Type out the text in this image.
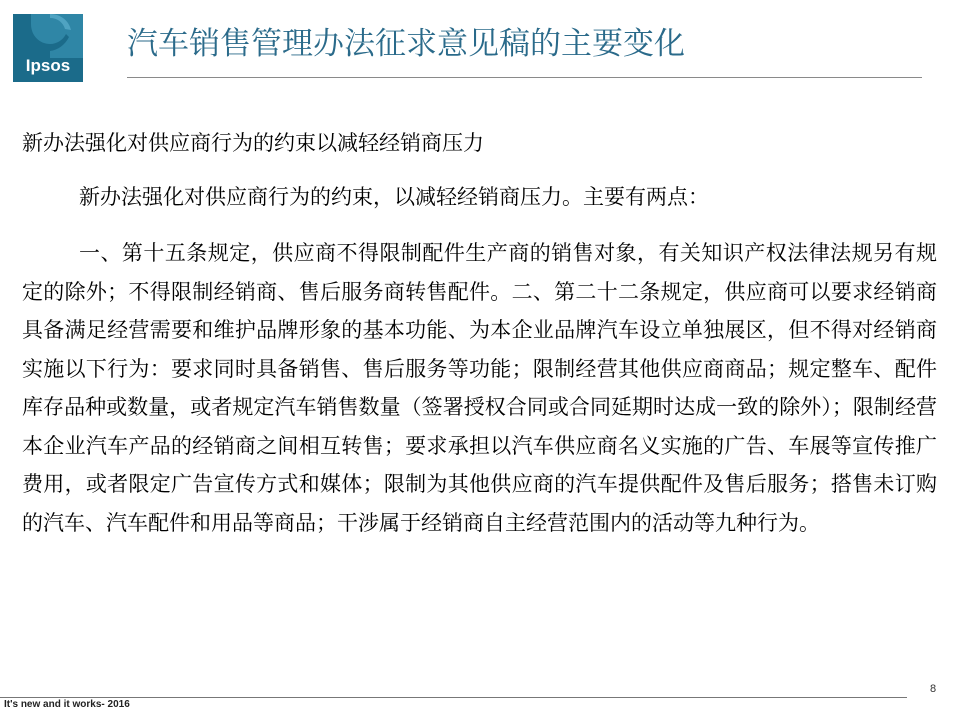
Ipsos
汽车销售管理办法征求意见稿的主要变化
新办法强化对供应商行为的约束以减轻经销商压力
新办法强化对供应商行为的约束，以减轻经销商压力。主要有两点：
一、第十五条规定，供应商不得限制配件生产商的销售对象，有关知识产权法律法规另有规定的除外；不得限制经销商、售后服务商转售配件。二、第二十二条规定，供应商可以要求经销商具备满足经营需要和维护品牌形象的基本功能、为本企业品牌汽车设立单独展区，但不得对经销商实施以下行为：要求同时具备销售、售后服务等功能；限制经营其他供应商商品；规定整车、配件库存品种或数量，或者规定汽车销售数量（签署授权合同或合同延期时达成一致的除外）；限制经营本企业汽车产品的经销商之间相互转售；要求承担以汽车供应商名义实施的广告、车展等宣传推广费用，或者限定广告宣传方式和媒体；限制为其他供应商的汽车提供配件及售后服务；搭售未订购的汽车、汽车配件和用品等商品；干涉属于经销商自主经营范围内的活动等九种行为。
It's new and it works- 2016
8
